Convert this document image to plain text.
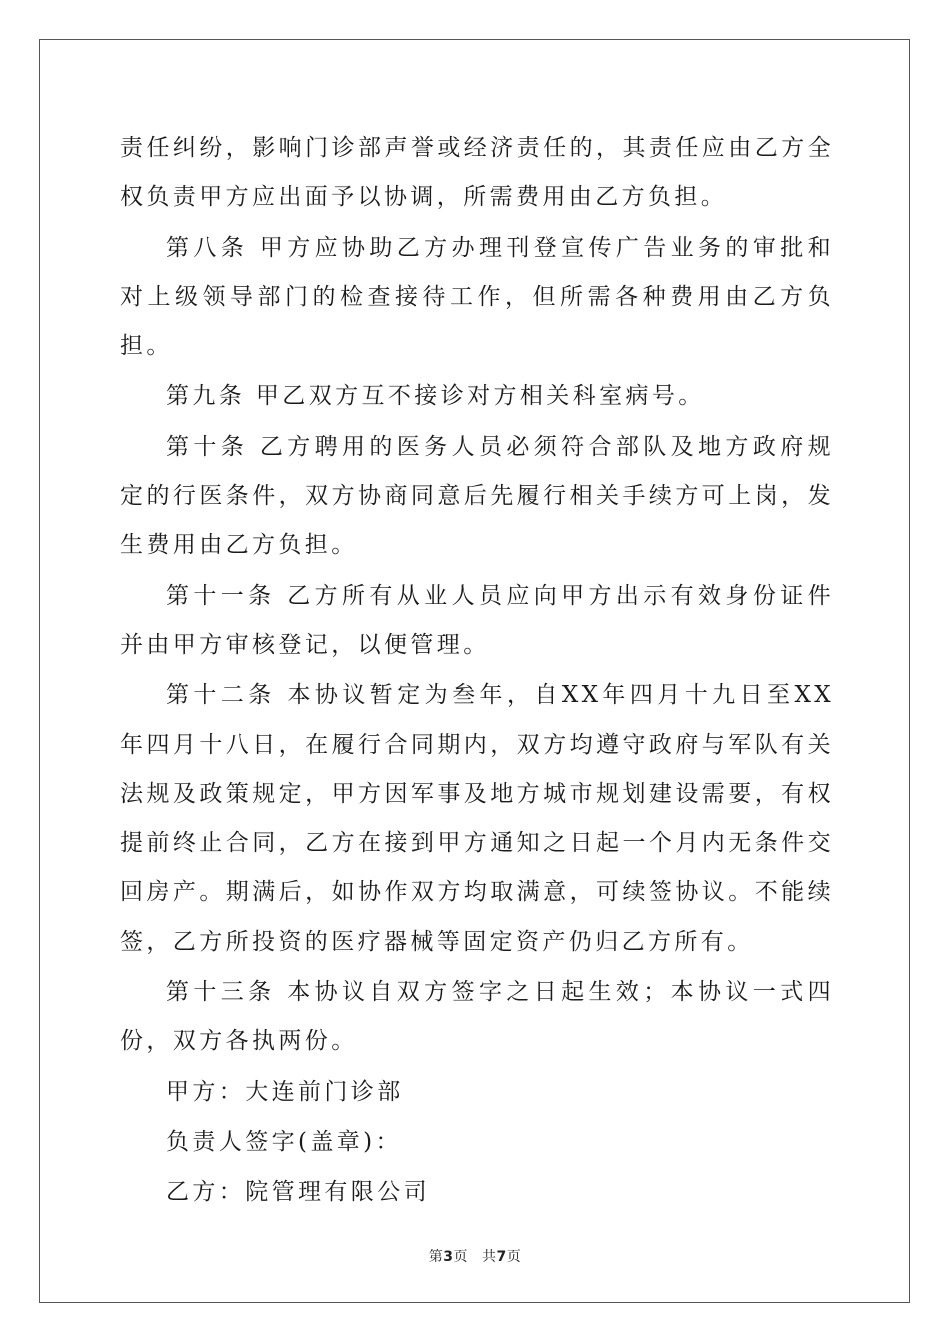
责任纠纷，影响门诊部声誉或经济责任的，其责任应由乙方全权负责甲方应出面予以协调，所需费用由乙方负担。

第八条 甲方应协助乙方办理刊登宣传广告业务的审批和对上级领导部门的检查接待工作，但所需各种费用由乙方负担。

第九条 甲乙双方互不接诊对方相关科室病号。

第十条 乙方聘用的医务人员必须符合部队及地方政府规定的行医条件，双方协商同意后先履行相关手续方可上岗，发生费用由乙方负担。

第十一条 乙方所有从业人员应向甲方出示有效身份证件并由甲方审核登记，以便管理。

第十二条 本协议暂定为叁年，自XX年四月十九日至XX年四月十八日，在履行合同期内，双方均遵守政府与军队有关法规及政策规定，甲方因军事及地方城市规划建设需要，有权提前终止合同，乙方在接到甲方通知之日起一个月内无条件交回房产。期满后，如协作双方均取满意，可续签协议。不能续签，乙方所投资的医疗器械等固定资产仍归乙方所有。

第十三条 本协议自双方签字之日起生效；本协议一式四份，双方各执两份。

甲方：大连前门诊部

负责人签字(盖章)：

乙方：院管理有限公司

第3页 共7页
